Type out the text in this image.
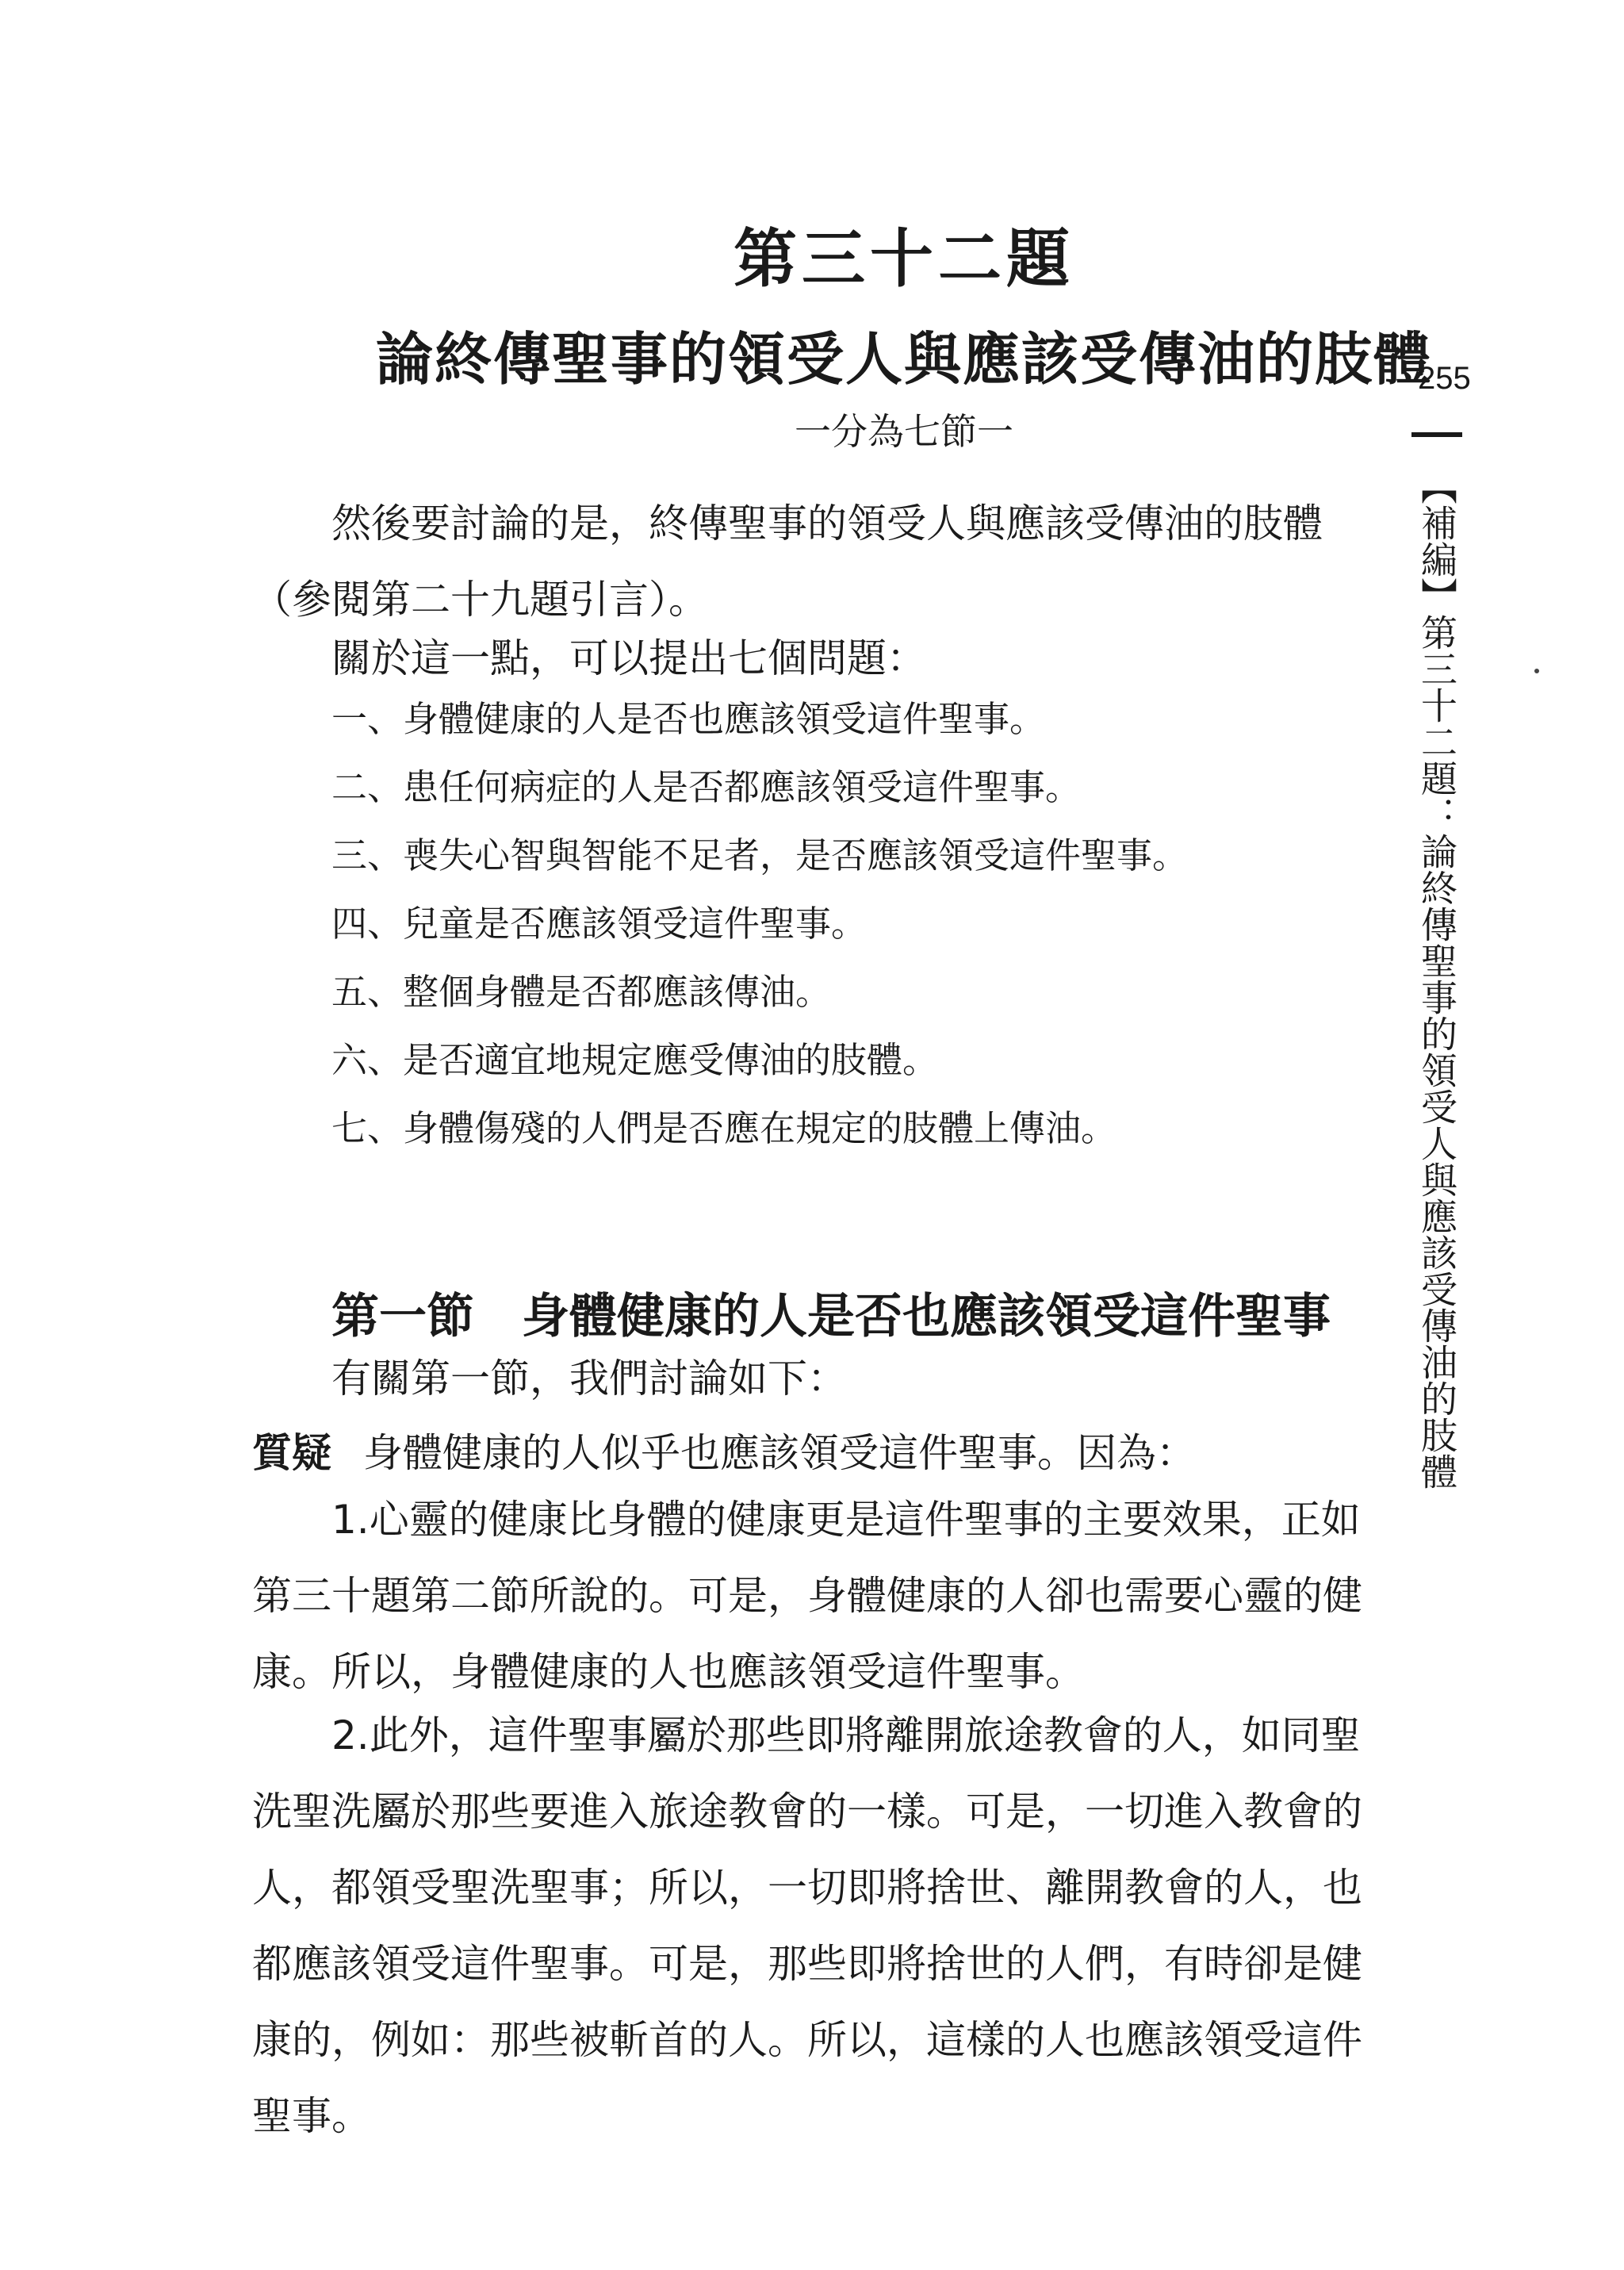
第三十二題
論終傳聖事的領受人與應該受傳油的肢體
一分為七節一
然後要討論的是，終傳聖事的領受人與應該受傳油的肢體（參閱第二十九題引言）。
關於這一點，可以提出七個問題：
一、身體健康的人是否也應該領受這件聖事。
二、患任何病症的人是否都應該領受這件聖事。
三、喪失心智與智能不足者，是否應該領受這件聖事。
四、兒童是否應該領受這件聖事。
五、整個身體是否都應該傳油。
六、是否適宜地規定應受傳油的肢體。
七、身體傷殘的人們是否應在規定的肢體上傳油。
第一節　身體健康的人是否也應該領受這件聖事
有關第一節，我們討論如下：
質疑 身體健康的人似乎也應該領受這件聖事。因為：
1.心靈的健康比身體的健康更是這件聖事的主要效果，正如第三十題第二節所說的。可是，身體健康的人卻也需要心靈的健康。所以，身體健康的人也應該領受這件聖事。
2.此外，這件聖事屬於那些即將離開旅途教會的人，如同聖洗聖洗屬於那些要進入旅途教會的一樣。可是，一切進入教會的人，都領受聖洗聖事；所以，一切即將捨世、離開教會的人，也都應該領受這件聖事。可是，那些即將捨世的人們，有時卻是健康的，例如：那些被斬首的人。所以，這樣的人也應該領受這件聖事。
255
【補編】第三十二題：論終傳聖事的領受人與應該受傳油的肢體
